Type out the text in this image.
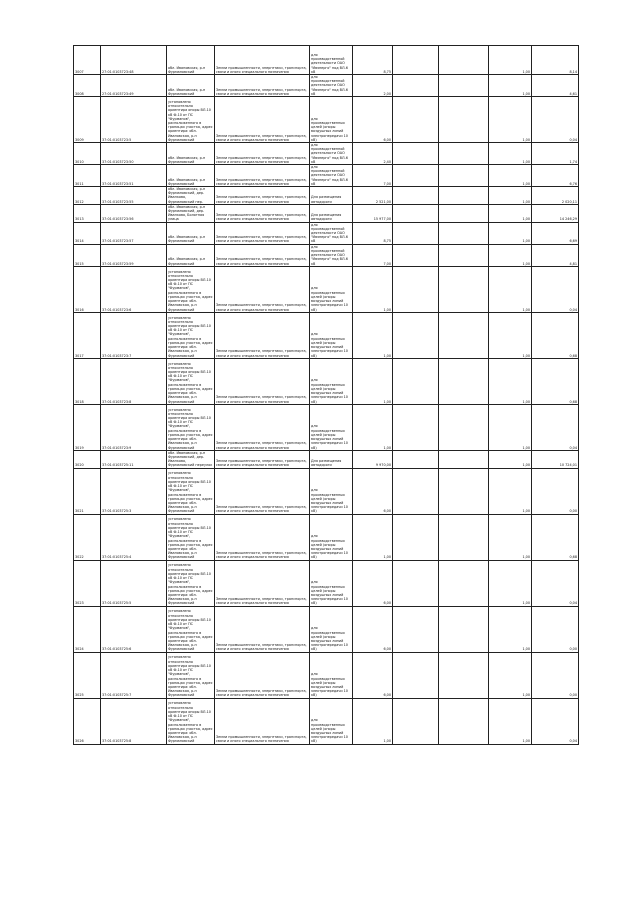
3007	27:01:0103723:48	обл. Ивановская, р-н Фурмановский	Земли промышленности, энергетики, транспорта, связи и иного специального назначения	для производственной деятельности ОАО "Ивэнерго" под ВЛ-6 кВ	8,75			1,00	8,14
3008	27:01:0103723:49	обл. Ивановская, р-н Фурмановский	Земли промышленности, энергетики, транспорта, связи и иного специального назначения	для производственной деятельности ОАО "Ивэнерго" под ВЛ-6 кВ	2,00			1,00	4,61
3009	37:01:0103723:5	установлено относительно ориентира опоры ВЛ-10 кВ Ф-10 от ПС "Фурманов", расположенного в границах участка, адрес ориентира: обл. Ивановская, р-н Фурмановский	Земли промышленности, энергетики, транспорта, связи и иного специального назначения	для производственных целей (опоры воздушных линий электропередачи 10 кВ)	6,00			1,00	0,04
3010	37:01:0103723:50	обл. Ивановская, р-н Фурмановский	Земли промышленности, энергетики, транспорта, связи и иного специального назначения	для производственной деятельности ОАО "Ивэнерго" под ВЛ-6 кВ	2,40			1,00	1,74
3011	37:01:0103723:51	обл. Ивановская, р-н Фурмановский	Земли промышленности, энергетики, транспорта, связи и иного специального назначения	для производственной деятельности ОАО "Ивэнерго" под ВЛ-6 кВ	7,00			1,00	6,76
3012	37:01:0103723:55	обл. Ивановская, р-н Фурмановский, дер. Иванково, Фурмановский пер.	Земли промышленности, энергетики, транспорта, связи и иного специального назначения	Для размещения автодороги	2 521,00			1,00	2 020,11
3013	37:01:0103723:56	обл. Ивановская, р-н Фурмановский, дер. Иванково, Болотная улица	Земли промышленности, энергетики, транспорта, связи и иного специального назначения	Для размещения автодороги	15 977,00			1,00	14 246,29
3014	37:01:0103723:57	обл. Ивановская, р-н Фурмановский	Земли промышленности, энергетики, транспорта, связи и иного специального назначения	для производственной деятельности ОАО "Ивэнерго" под ВЛ-6 кВ	8,75			1,00	6,69
3015	37:01:0103723:59	обл. Ивановская, р-н Фурмановский	Земли промышленности, энергетики, транспорта, связи и иного специального назначения	для производственной деятельности ОАО "Ивэнерго" под ВЛ-6 кВ	7,00			1,00	4,81
3016	37:01:0103723:6	установлено относительно ориентира опоры ВЛ-10 кВ Ф-10 от ПС "Фурманов", расположенного в границах участка, адрес ориентира: обл. Ивановская, р-н Фурмановский	Земли промышленности, энергетики, транспорта, связи и иного специального назначения	для производственных целей (опоры воздушных линий электропередачи 10 кВ)	1,00			1,00	0,04
3017	37:01:0103723:7	установлено относительно ориентира опоры ВЛ-10 кВ Ф-10 от ПС "Фурманов", расположенного в границах участка, адрес ориентира: обл. Ивановская, р-н Фурмановский	Земли промышленности, энергетики, транспорта, связи и иного специального назначения	для производственных целей (опоры воздушных линий электропередачи 10 кВ)	1,00			1,00	0,68
3018	37:01:0103723:8	установлено относительно ориентира опоры ВЛ-10 кВ Ф-10 от ПС "Фурманов", расположенного в границах участка, адрес ориентира: обл. Ивановская, р-н Фурмановский	Земли промышленности, энергетики, транспорта, связи и иного специального назначения	для производственных целей (опоры воздушных линий электропередачи 10 кВ)	1,00			1,00	0,68
3019	37:01:0103723:9	установлено относительно ориентира опоры ВЛ-10 кВ Ф-10 от ПС "Фурманов", расположенного в границах участка, адрес ориентира: обл. Ивановская, р-н Фурмановский	Земли промышленности, энергетики, транспорта, связи и иного специального назначения	для производственных целей (опоры воздушных линий электропередачи 10 кВ)	1,00			1,00	0,04
3020	37:01:0103725:11	обл. Ивановская, р-н Фурмановский, дер. Иванково, Фурмановский переулок	Земли промышленности, энергетики, транспорта, связи и иного специального назначения	Для размещения автодороги	9 970,00			1,00	10 724,01
3021	37:01:0103725:3	установлено относительно ориентира опоры ВЛ-10 кВ Ф-10 от ПС "Фурманов", расположенного в границах участка, адрес ориентира: обл. Ивановская, р-н Фурмановский	Земли промышленности, энергетики, транспорта, связи и иного специального назначения	для производственных целей (опоры воздушных линий электропередачи 10 кВ)	6,00			1,00	0,00
3022	37:01:0103725:4	установлено относительно ориентира опоры ВЛ-10 кВ Ф-10 от ПС "Фурманов", расположенного в границах участка, адрес ориентира: обл. Ивановская, р-н Фурмановский	Земли промышленности, энергетики, транспорта, связи и иного специального назначения	для производственных целей (опоры воздушных линий электропередачи 10 кВ)	1,00			1,00	0,68
3023	37:01:0103725:5	установлено относительно ориентира опоры ВЛ-10 кВ Ф-10 от ПС "Фурманов", расположенного в границах участка, адрес ориентира: обл. Ивановская, р-н Фурмановский	Земли промышленности, энергетики, транспорта, связи и иного специального назначения	для производственных целей (опоры воздушных линий электропередачи 10 кВ)	6,00			1,00	0,04
3024	37:01:0103725:6	установлено относительно ориентира опоры ВЛ-10 кВ Ф-10 от ПС "Фурманов", расположенного в границах участка, адрес ориентира: обл. Ивановская, р-н Фурмановский	Земли промышленности, энергетики, транспорта, связи и иного специального назначения	для производственных целей (опоры воздушных линий электропередачи 10 кВ)	6,00			1,00	0,00
3025	37:01:0103725:7	установлено относительно ориентира опоры ВЛ-10 кВ Ф-10 от ПС "Фурманов", расположенного в границах участка, адрес ориентира: обл. Ивановская, р-н Фурмановский	Земли промышленности, энергетики, транспорта, связи и иного специального назначения	для производственных целей (опоры воздушных линий электропередачи 10 кВ)	6,00			1,00	0,00
3026	37:01:0103725:8	установлено относительно ориентира опоры ВЛ-10 кВ Ф-10 от ПС "Фурманов", расположенного в границах участка, адрес ориентира: обл. Ивановская, р-н Фурмановский	Земли промышленности, энергетики, транспорта, связи и иного специального назначения	для производственных целей (опоры воздушных линий электропередачи 10 кВ)	1,00			1,00	0,04
